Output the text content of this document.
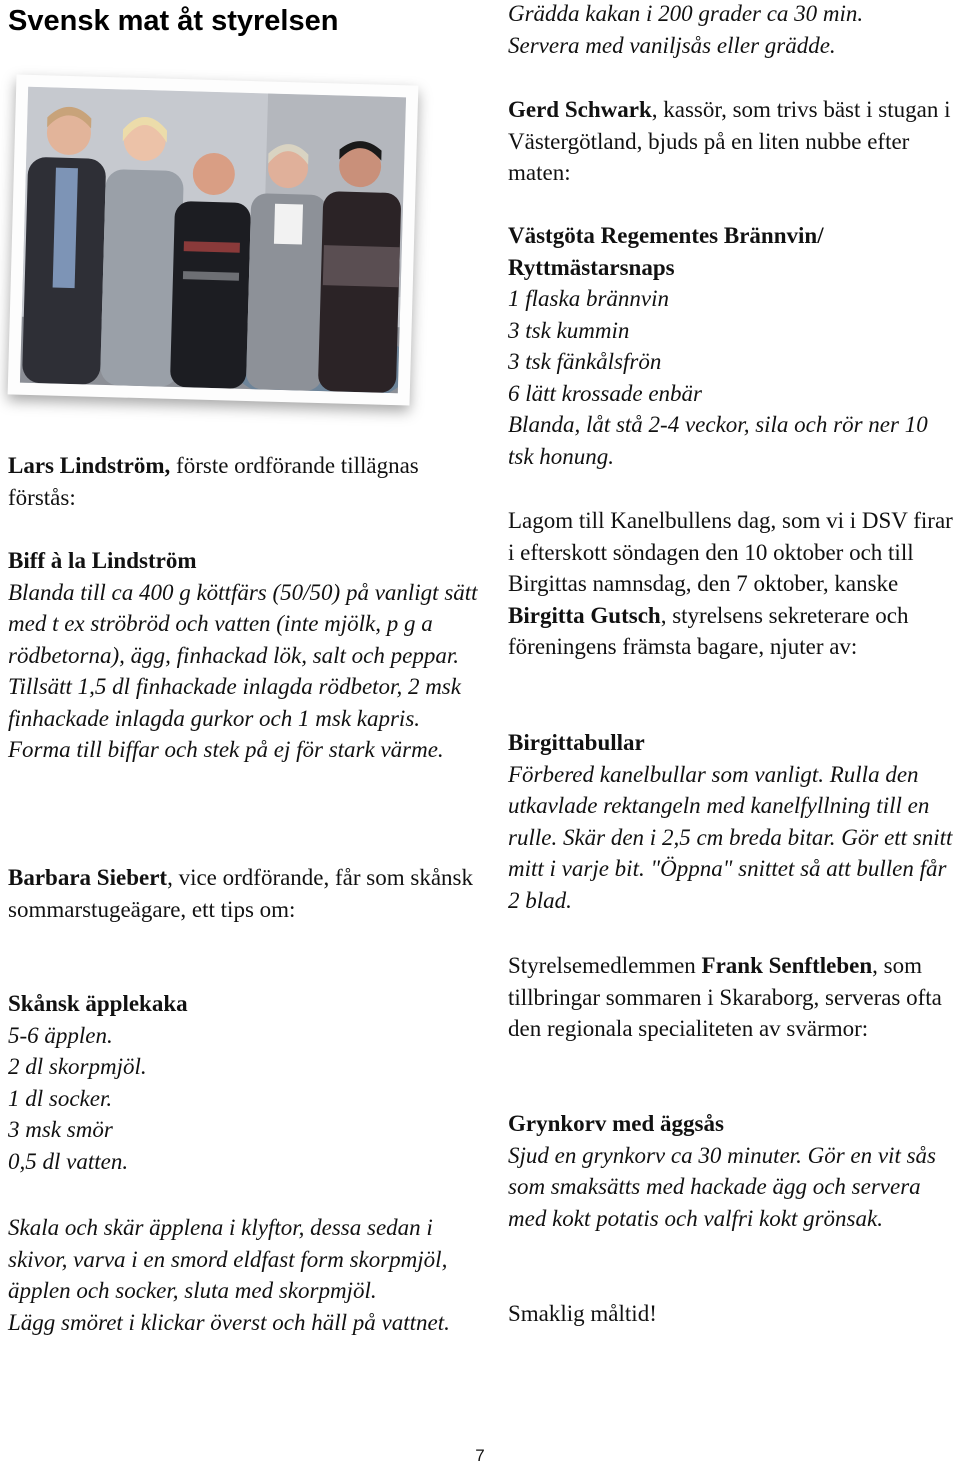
Svensk mat åt styrelsen

Lars Lindström, förste ordförande tillägnas förstås:

Biff à la Lindström
Blanda till ca 400 g köttfärs (50/50) på vanligt sätt med t ex ströbröd och vatten (inte mjölk, p g a rödbetorna), ägg, finhackad lök, salt och peppar. Tillsätt 1,5 dl finhackade inlagda rödbetor, 2 msk finhackade inlagda gurkor och 1 msk kapris. Forma till biffar och stek på ej för stark värme.

Barbara Siebert, vice ordförande, får som skånsk sommarstugeägare, ett tips om:

Skånsk äpplekaka
5-6 äpplen.
2 dl skorpmjöl.
1 dl socker.
3 msk smör
0,5 dl vatten.

Skala och skär äpplena i klyftor, dessa sedan i skivor, varva i en smord eldfast form skorpmjöl, äpplen och socker, sluta med skorpmjöl.
Lägg smöret i klickar överst och häll på vattnet.

Grädda kakan i 200 grader ca 30 min.
Servera med vaniljsås eller grädde.

Gerd Schwark, kassör, som trivs bäst i stugan i Västergötland, bjuds på en liten nubbe efter maten:

Västgöta Regementes Brännvin/ Ryttmästarsnaps
1 flaska brännvin
3 tsk kummin
3 tsk fänkålsfrön
6 lätt krossade enbär
Blanda, låt stå 2-4 veckor, sila och rör ner 10 tsk honung.

Lagom till Kanelbullens dag, som vi i DSV firar i efterskott söndagen den 10 oktober och till Birgittas namnsdag, den 7 oktober, kanske Birgitta Gutsch, styrelsens sekreterare och föreningens främsta bagare, njuter av:

Birgittabullar
Förbered kanelbullar som vanligt. Rulla den utkavlade rektangeln med kanelfyllning till en rulle. Skär den i 2,5 cm breda bitar. Gör ett snitt mitt i varje bit. "Öppna" snittet så att bullen får 2 blad.

Styrelsemedlemmen Frank Senftleben, som tillbringar sommaren i Skaraborg, serveras ofta den regionala specialiteten av svärmor:

Grynkorv med äggsås
Sjud en grynkorv ca 30 minuter. Gör en vit sås som smaksätts med hackade ägg och servera med kokt potatis och valfri kokt grönsak.

Smaklig måltid!

7
